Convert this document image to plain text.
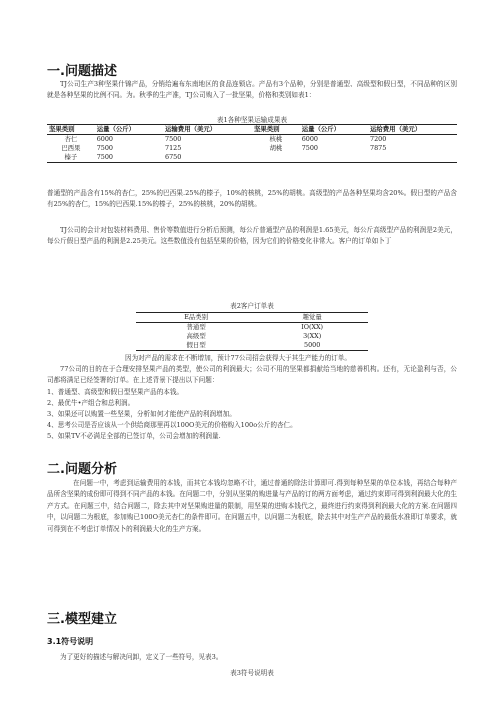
一.问题描述
TJ公司生产3种坚果什锦产品，分销给遍布东南地区的食品连锁店。产品有3个品种，分别是普通型、高级型和假日型，不同品种的区别就是各种坚果的比例不同。为。秋季的生产准，TJ公司购入了一批坚果，价格和类别如表1：
表1各种坚果运输成果表
坚果类别	运量（公斤）	运输费用（美元）	坚果类别	运量（公斤）	运给费用（美元）
杏仁	6000	7500	核桃	6000	7200
巴西果	7500	7125	胡桃	7500	7875
榛子	7500	6750			
普通型的产品含有15%的杏仁，25%的巴西果.25%的榛子，10%的核桃，25%的胡桃。高级型的产品各种坚果均含20%。假日型的产品含有25%的杏仁，15%的巴西果.15%的榛子，25%的核桃，20%的胡桃。
TJ公司的会计对包装材料费用、售价等数值进行分析后预测，每公斤普通型产品的利润是1.65美元，每公斤高级型产品的利润是2美元，每公斤假日型产品的利润是2.25美元。这些数值没有包括坚果的价格，因为它们的价格变化非常大。客户的订单如卜丁
表2客户订单表
E品类别	趣觉量
普通型	IO(XX)
高级型	3(XX)
假日型	5000
因为对产品的需求在不断增加，预计77公司招会获得大于其生产能力的订单。
77公司的目的在于合理安排坚果产品的类型，使公司的利润最大；公司不用的坚果都捐献给当地的慈善机构。还有，无论盈利与否，公司都将满足已经签署的订单。在上述背景下提出以下问题：
1、普通型、高级型和假日型坚果产品的本钱。
2、最优牛•产组合和总利润。
3、如果还可以购置一些坚果，分析如何才能使产品的利润增加。
4、思考公司是否应该从一个供给商那里再以100O美元的价格购入100o公斤的杏仁。
5、如果TV不必满足全部的已签订单，公司会增加的利润量.
二.问题分析
在问题一中，考虑到运输费用的本钱，而其它本钱均忽略不计，通过普通的除法计算即可.得到每种坚果的单位本钱，再结合每种产品所含坚果的成份即可得到不同产品的本钱。在问题二中，分别从坚果的购进量与产品的订的两方面考虑，通过约束即可得到利润最大化的生产方式。在问题三中，结合问题二，除去其中对坚果购进量的限制，用坚果的进购本钱代之，最终进行约束得到利润最大化的方案.在问题四中，以问题二为根底，参加购已100O美元杏仁的条件即可。在问题五中，以问题二为根底，除去其中对生产产品的最低水准即订单要求，就可得到在不考虑订单情况卜的利润最大化的生产方案。
三.模型建立
3.1符号说明
为了更好的描述与解决问卸，定义了一些符号，见表3。
表3符号说明表
